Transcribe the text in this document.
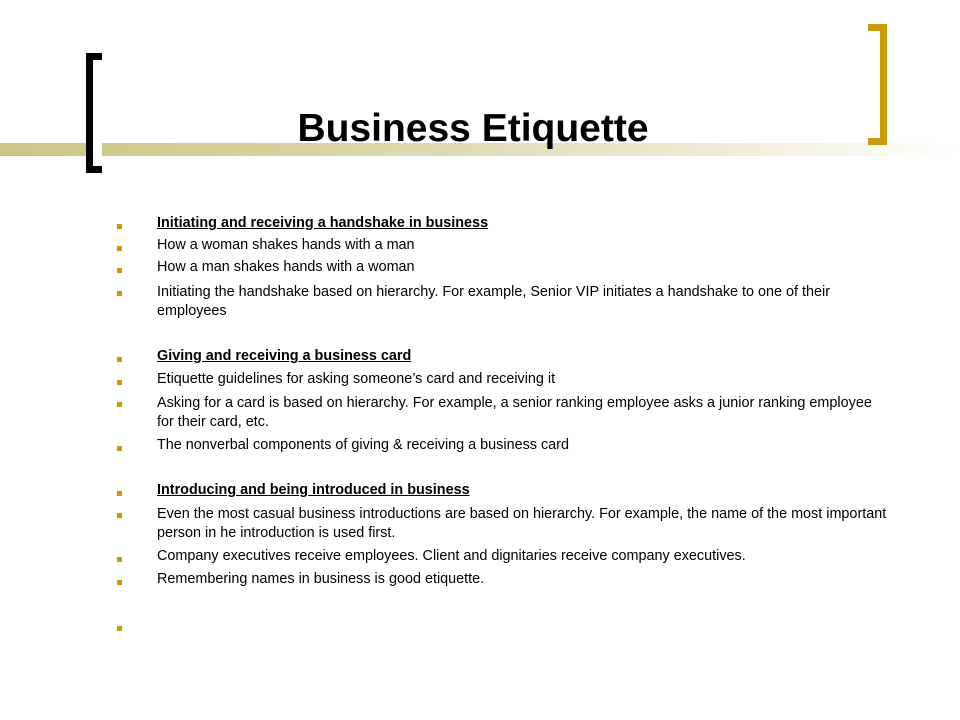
Business Etiquette
Initiating and receiving a handshake in business
How a woman shakes hands with a man
How a man shakes hands with a woman
Initiating the handshake based on hierarchy. For example, Senior VIP initiates a handshake to one of their employees
Giving and receiving a business card
Etiquette guidelines for asking someone’s card and receiving it
Asking for a card is based on hierarchy. For example, a senior ranking employee asks a junior ranking employee for their card, etc.
The nonverbal components of giving & receiving a business card
Introducing and being introduced in business
Even the most casual business introductions are based on hierarchy. For example, the name of the most important person in he introduction is used first.
Company executives receive employees. Client and dignitaries receive company executives.
Remembering names in business is good etiquette.
